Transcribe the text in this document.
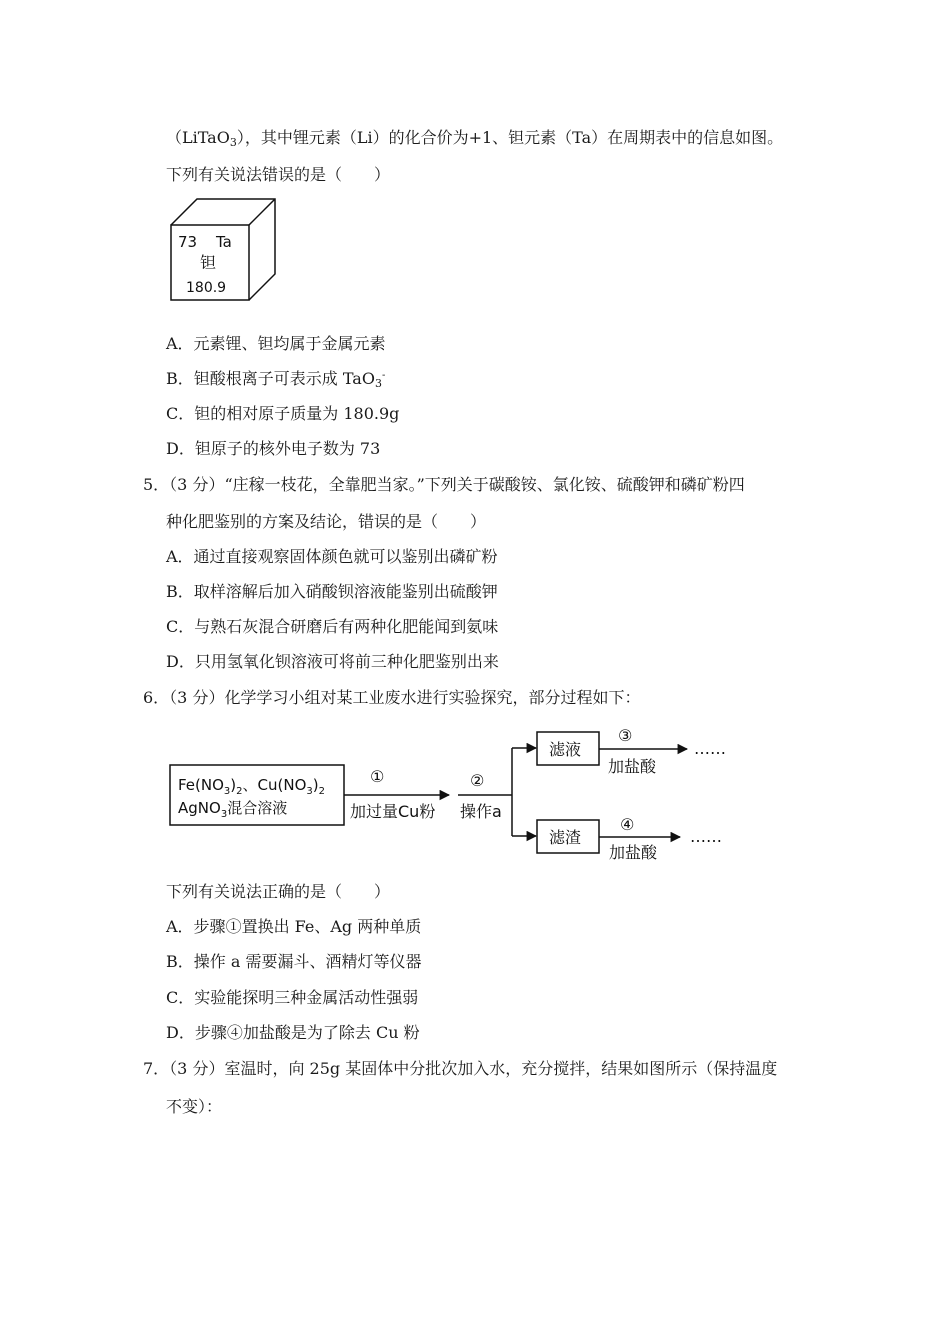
（LiTaO$_3$），其中锂元素（Li）的化合价为+1、钽元素（Ta）在周期表中的信息如图。
下列有关说法错误的是（　　）
73 Ta
钽
180.9
A．元素锂、钽均属于金属元素
B．钽酸根离子可表示成 TaO$_3$-
C．钽的相对原子质量为 180.9g
D．钽原子的核外电子数为 73
5．（3 分）“庄稼一枝花，全靠肥当家。”下列关于碳酸铵、氯化铵、硫酸钾和磷矿粉四
种化肥鉴别的方案及结论，错误的是（　　）
A．通过直接观察固体颜色就可以鉴别出磷矿粉
B．取样溶解后加入硝酸钡溶液能鉴别出硫酸钾
C．与熟石灰混合研磨后有两种化肥能闻到氨味
D．只用氢氧化钡溶液可将前三种化肥鉴别出来
6．（3 分）化学学习小组对某工业废水进行实验探究，部分过程如下：
$Fe(NO_3)_2$、$Cu(NO_3)_2$
AgNO$_3$混合溶液
①
加过量Cu粉
②
操作a
滤液
③
加盐酸
……
滤渣
④
加盐酸
……
下列有关说法正确的是（　　）
A．步骤①置换出 Fe、Ag 两种单质
B．操作 a 需要漏斗、酒精灯等仪器
C．实验能探明三种金属活动性强弱
D．步骤④加盐酸是为了除去 Cu 粉
7．（3 分）室温时，向 25g 某固体中分批次加入水，充分搅拌，结果如图所示（保持温度
不变）：
